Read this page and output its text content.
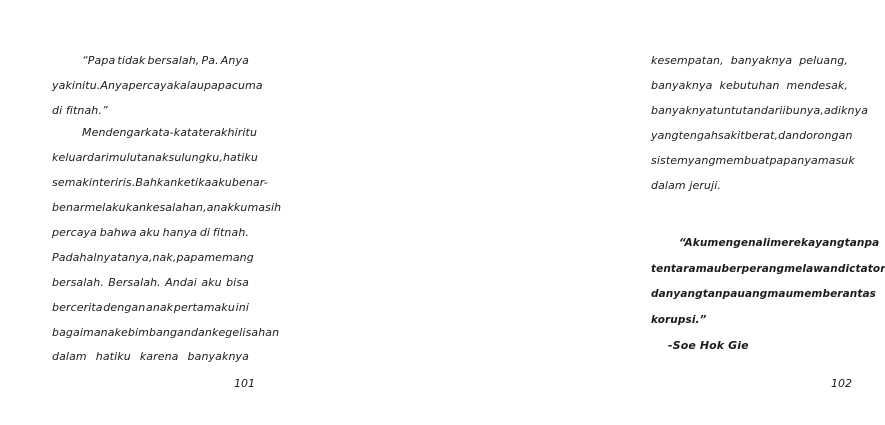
“Papa tidak bersalah, Pa. Anya
yakin itu. Anya percaya kalau papa cuma
di fitnah.”
Mendengar kata-kata terakhir itu
keluar dari mulut anak sulungku, hatiku
semakin teriris. Bahkan ketika aku benar-
benar melakukan kesalahan, anakku masih
percaya bahwa aku hanya di fitnah.
Padahal nyatanya, nak, papa memang
bersalah. Bersalah. Andai aku bisa
bercerita dengan anak pertamaku ini
bagaimana kebimbangan dan kegelisahan
dalam hatiku karena banyaknya
101
kesempatan, banyaknya peluang,
banyaknya kebutuhan mendesak,
banyaknya tuntutan dari ibunya, adiknya
yang tengah sakit berat, dan dorongan
sistem yang membuat papanya masuk
dalam jeruji.
“Aku mengenali mereka yang tanpa
tentara mau berperang melawan dictator
dan yang tanpa uang mau memberantas
korupsi.”
-Soe Hok Gie
102
